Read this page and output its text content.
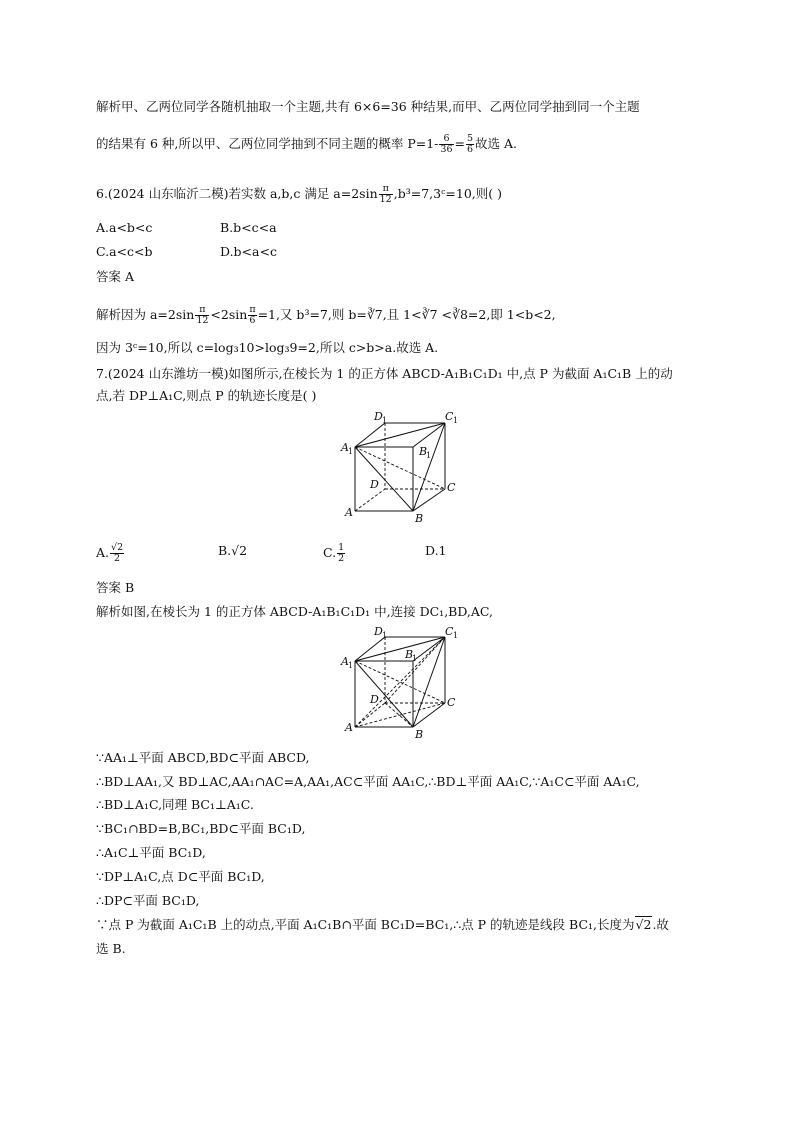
解析甲、乙两位同学各随机抽取一个主题,共有 6×6=36 种结果,而甲、乙两位同学抽到同一个主题
的结果有 6 种,所以甲、乙两位同学抽到不同主题的概率 $P=1- \frac{6}{36} = \frac{5}{6}$ 故选 A.
6.(2024 山东临沂二模)若实数 a,b,c 满足 $a=2\sin \frac{\pi}{12}$ ,b³=7,3ᶜ=10,则( )
A.a<b<c	B.b<c<a
C.a<c<b	D.b<a<c
答案 A
解析因为 $a=2\sin \frac{\pi}{12} <2\sin \frac{\pi}{6} =1$,又 b³=7,则 b=∛7,且 1<∛7 <∛8=2,即 1<b<2,
因为 3ᶜ=10,所以 c=log₃10>log₃9=2,所以 c>b>a.故选 A.
7.(2024 山东潍坊一模)如图所示,在棱长为 1 的正方体 ABCD-A₁B₁C₁D₁ 中,点 P 为截面 A₁C₁B 上的动
点,若 DP⊥A₁C,则点 P 的轨迹长度是( )
D 1	C 1
A 1	B
1
D	C
A	B
A. $\frac{√2}{2}$	B.√2	C. $\frac{1}{2}$	D.1
答案 B
解析如图,在棱长为 1 的正方体 ABCD-A₁B₁C₁D₁ 中,连接 DC₁,BD,AC,
D 1	C 1
A 1
B
1
D	C
A
B
∵AA₁⊥平面 ABCD,BD⊂平面 ABCD,
∴BD⊥AA₁,又 BD⊥AC,AA₁∩AC=A,AA₁,AC⊂平面 AA₁C,∴BD⊥平面 AA₁C,∵A₁C⊂平面 AA₁C,
∴BD⊥A₁C,同理 BC₁⊥A₁C.
∵BC₁∩BD=B,BC₁,BD⊂平面 BC₁D,
∴A₁C⊥平面 BC₁D,
∵DP⊥A₁C,点 D⊂平面 BC₁D,
∴DP⊂平面 BC₁D,
∵点 P 为截面 A₁C₁B 上的动点,平面 A₁C₁B∩平面 BC₁D=BC₁,∴点 P 的轨迹是线段 BC₁,长度为√2.故
选 B.
